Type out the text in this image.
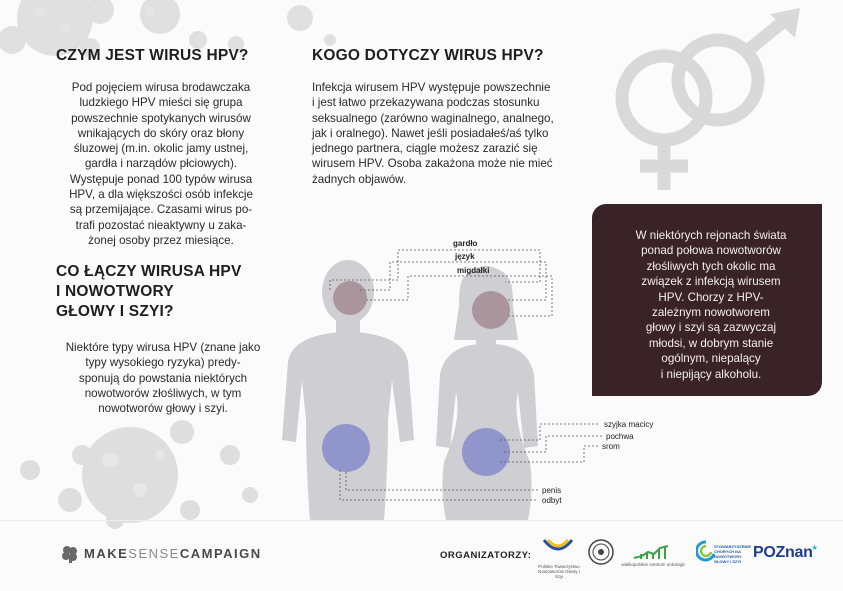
CZYM JEST WIRUS HPV?
Pod pojęciem wirusa brodawczaka
ludzkiego HPV mieści się grupa
powszechnie spotykanych wirusów
wnikających do skóry oraz błony
śluzowej (m.in. okolic jamy ustnej,
gardła i narządów płciowych).
Występuje ponad 100 typów wirusa
HPV, a dla większości osób infekcje
są przemijające. Czasami wirus po-
trafi pozostać nieaktywny u zaka-
żonej osoby przez miesiące.
KOGO DOTYCZY WIRUS HPV?
Infekcja wirusem HPV występuje powszechnie
i jest łatwo przekazywana podczas stosunku
seksualnego (zarówno waginalnego, analnego,
jak i oralnego). Nawet jeśli posiadałeś/aś tylko
jednego partnera, ciągle możesz zarazić się
wirusem HPV. Osoba zakażona może nie mieć
żadnych objawów.
CO ŁĄCZY WIRUSA HPV
I NOWOTWORY
GŁOWY I SZYI?
Niektóre typy wirusa HPV (znane jako
typy wysokiego ryzyka) predy-
sponują do powstania niektórych
nowotworów złośliwych, w tym
nowotworów głowy i szyi.
W niektórych rejonach świata
ponad połowa nowotworów
złośliwych tych okolic ma
związek z infekcją wirusem
HPV. Chorzy z HPV-
zależnym nowotworem
głowy i szyi są zazwyczaj
młodsi, w dobrym stanie
ogólnym, niepalący
i niepijący alkoholu.
gardło
język
migdałki
szyjka macicy
pochwa
srom
penis
odbyt
MAKESENSECAMPAIGN	ORGANIZATORZY:
Polskie Towarzystwo Nowotworów Głowy i Szyi
wielkopolskie centrum onkologii
STOWARZYSZENIE CHORYCH NA NOWOTWORY GŁOWY I SZYI
POZnan*
